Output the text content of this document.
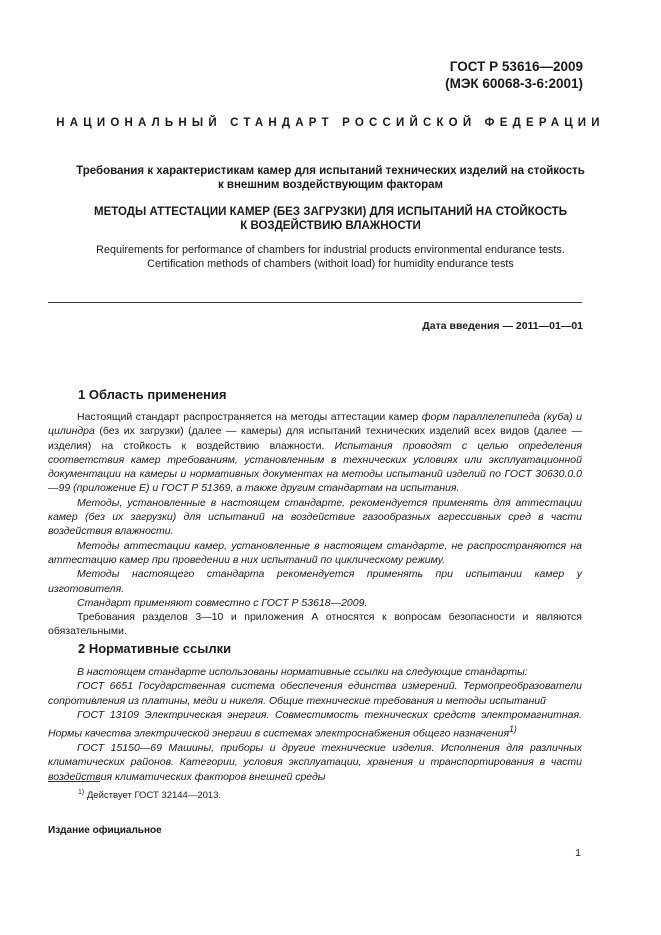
ГОСТ Р 53616—2009
(МЭК 60068-3-6:2001)
НАЦИОНАЛЬНЫЙ СТАНДАРТ РОССИЙСКОЙ ФЕДЕРАЦИИ
Требования к характеристикам камер для испытаний технических изделий на стойкость
к внешним воздействующим факторам
МЕТОДЫ АТТЕСТАЦИИ КАМЕР (БЕЗ ЗАГРУЗКИ) ДЛЯ ИСПЫТАНИЙ НА СТОЙКОСТЬ
К ВОЗДЕЙСТВИЮ ВЛАЖНОСТИ
Requirements for performance of chambers for industrial products environmental endurance tests.
Certification methods of chambers (withoit load) for humidity endurance tests
Дата введения — 2011—01—01
1 Область применения

Настоящий стандарт распространяется на методы аттестации камер форм параллелепипеда (куба) и цилиндра (без их загрузки) (далее — камеры) для испытаний технических изделий всех видов (далее — изделия) на стойкость к воздействию влажности. Испытания проводят с целью определения соответствия камер требованиям, установленным в технических условиях или эксплуатационной документации на камеры и нормативных документах на методы испытаний изделий по ГОСТ 30630.0.0—99 (приложение Е) и ГОСТ Р 51369, а также другим стандартам на испытания.

Методы, установленные в настоящем стандарте, рекомендуется применять для аттестации камер (без их загрузки) для испытаний на воздействие газообразных агрессивных сред в части воздействия влажности.

Методы аттестации камер, установленные в настоящем стандарте, не распространяются на аттестацию камер при проведении в них испытаний по циклическому режиму.

Методы настоящего стандарта рекомендуется применять при испытании камер у изготовителя.

Стандарт применяют совместно с ГОСТ Р 53618—2009.

Требования разделов 3—10 и приложения А относятся к вопросам безопасности и являются обязательными.

2 Нормативные ссылки

В настоящем стандарте использованы нормативные ссылки на следующие стандарты:

ГОСТ 6651 Государственная система обеспечения единства измерений. Термопреобразователи сопротивления из платины, меди и никеля. Общие технические требования и методы испытаний

ГОСТ 13109 Электрическая энергия. Совместимость технических средств электромагнитная. Нормы качества электрической энергии в системах электроснабжения общего назначения$^{1)}$

ГОСТ 15150—69 Машины, приборы и другие технические изделия. Исполнения для различных климатических районов. Категории, условия эксплуатации, хранения и транспортирования в части воздействия климатических факторов внешней среды

$^{1)}$ Действует ГОСТ 32144—2013.
Издание официальное
1
